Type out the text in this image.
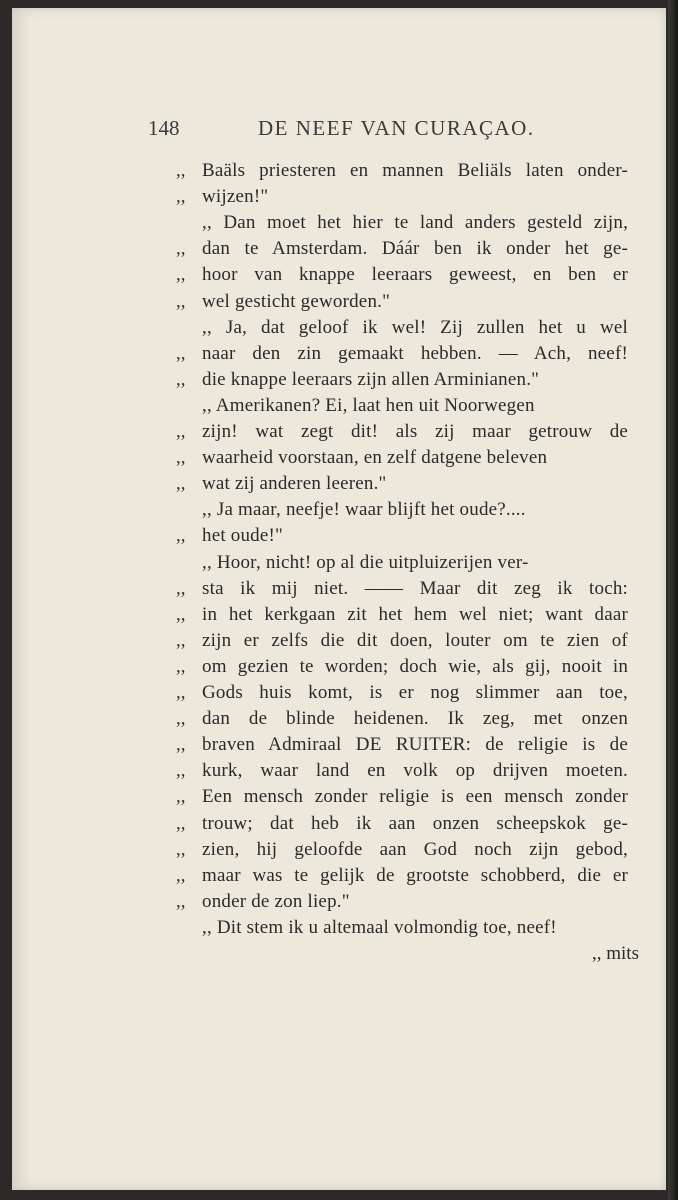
148	DE NEEF VAN CURAÇAO.
,, Baäls priesteren en mannen Beliäls laten onder-
,, wijzen!"
,, Dan moet het hier te land anders gesteld zijn,
,, dan te Amsterdam. Dáár ben ik onder het ge-
,, hoor van knappe leeraars geweest, en ben er
,, wel gesticht geworden."
,, Ja, dat geloof ik wel! Zij zullen het u wel
,, naar den zin gemaakt hebben. — Ach, neef!
,, die knappe leeraars zijn allen Arminianen."
,, Amerikanen? Ei, laat hen uit Noorwegen
,, zijn! wat zegt dit! als zij maar getrouw de
,, waarheid voorstaan, en zelf datgene beleven
,, wat zij anderen leeren."
,, Ja maar, neefje! waar blijft het oude?....
,, het oude!"
,, Hoor, nicht! op al die uitpluizerijen ver-
,, sta ik mij niet. —— Maar dit zeg ik toch:
,, in het kerkgaan zit het hem wel niet; want daar
,, zijn er zelfs die dit doen, louter om te zien of
,, om gezien te worden; doch wie, als gij, nooit in
,, Gods huis komt, is er nog slimmer aan toe,
,, dan de blinde heidenen. Ik zeg, met onzen
,, braven Admiraal DE RUITER: de religie is de
,, kurk, waar land en volk op drijven moeten.
,, Een mensch zonder religie is een mensch zonder
,, trouw; dat heb ik aan onzen scheepskok ge-
,, zien, hij geloofde aan God noch zijn gebod,
,, maar was te gelijk de grootste schobberd, die er
,, onder de zon liep."
,, Dit stem ik u altemaal volmondig toe, neef!
,, mits
